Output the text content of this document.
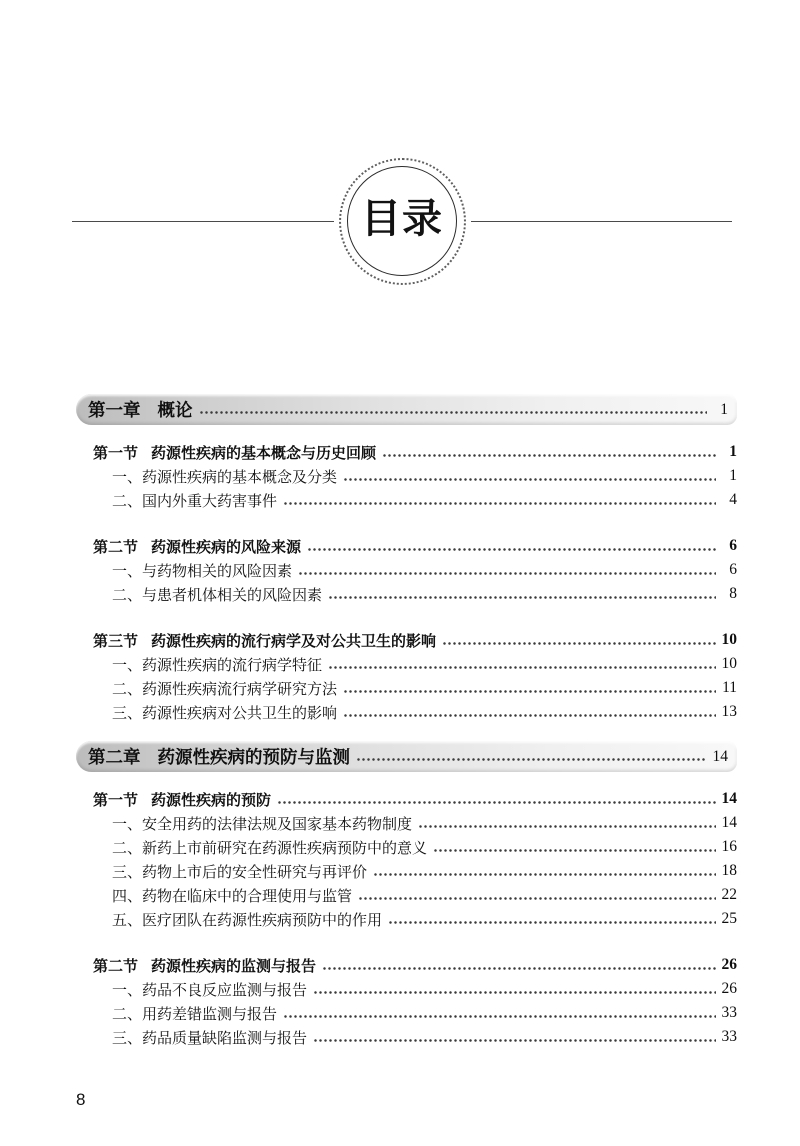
目录
第一章 概论	1
第一节 药源性疾病的基本概念与历史回顾	1
一、药源性疾病的基本概念及分类	1
二、国内外重大药害事件	4
第二节 药源性疾病的风险来源	6
一、与药物相关的风险因素	6
二、与患者机体相关的风险因素	8
第三节 药源性疾病的流行病学及对公共卫生的影响	10
一、药源性疾病的流行病学特征	10
二、药源性疾病流行病学研究方法	11
三、药源性疾病对公共卫生的影响	13
第二章 药源性疾病的预防与监测	14
第一节 药源性疾病的预防	14
一、安全用药的法律法规及国家基本药物制度	14
二、新药上市前研究在药源性疾病预防中的意义	16
三、药物上市后的安全性研究与再评价	18
四、药物在临床中的合理使用与监管	22
五、医疗团队在药源性疾病预防中的作用	25
第二节 药源性疾病的监测与报告	26
一、药品不良反应监测与报告	26
二、用药差错监测与报告	33
三、药品质量缺陷监测与报告	33
8
